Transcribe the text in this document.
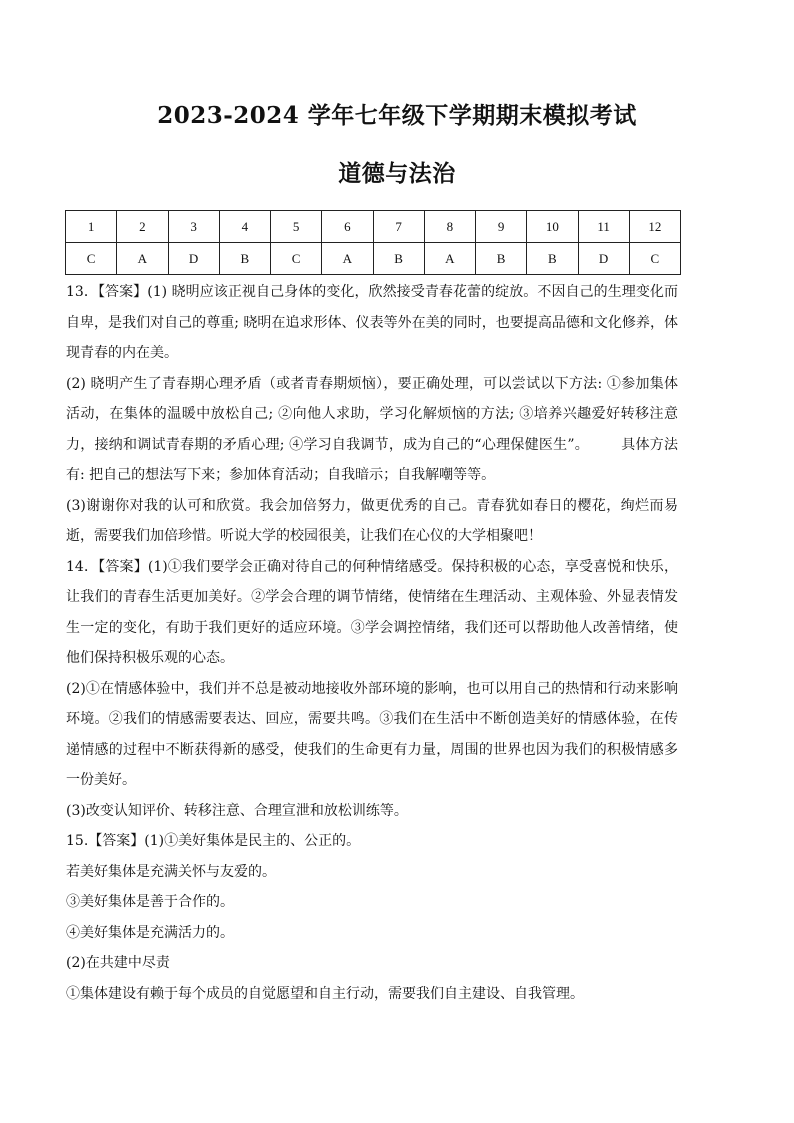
2023-2024 学年七年级下学期期末模拟考试
道德与法治
1	2	3	4	5	6	7	8	9	10	11	12
C	A	D	B	C	A	B	A	B	B	D	C

13．【答案】(1) 晓明应该正视自己身体的变化，欣然接受青春花蕾的绽放。不因自己的生理变化而自卑，是我们对自己的尊重; 晓明在追求形体、仪表等外在美的同时，也要提高品德和文化修养，体现青春的内在美。

(2) 晓明产生了青春期心理矛盾（或者青春期烦恼），要正确处理，可以尝试以下方法: ①参加集体活动，在集体的温暖中放松自己; ②向他人求助，学习化解烦恼的方法; ③培养兴趣爱好转移注意力，接纳和调试青春期的矛盾心理; ④学习自我调节，成为自己的“心理保健医生”。 具体方法有: 把自己的想法写下来；参加体育活动；自我暗示；自我解嘲等等。

(3)谢谢你对我的认可和欣赏。我会加倍努力，做更优秀的自己。青春犹如春日的樱花，绚烂而易逝，需要我们加倍珍惜。听说大学的校园很美，让我们在心仪的大学相聚吧！

14．【答案】(1)①我们要学会正确对待自己的何种情绪感受。保持积极的心态，享受喜悦和快乐，让我们的青春生活更加美好。②学会合理的调节情绪，使情绪在生理活动、主观体验、外显表情发生一定的变化，有助于我们更好的适应环境。③学会调控情绪，我们还可以帮助他人改善情绪，使他们保持积极乐观的心态。

(2)①在情感体验中，我们并不总是被动地接收外部环境的影响，也可以用自己的热情和行动来影响环境。②我们的情感需要表达、回应，需要共鸣。③我们在生活中不断创造美好的情感体验，在传递情感的过程中不断获得新的感受，使我们的生命更有力量，周围的世界也因为我们的积极情感多一份美好。

(3)改变认知评价、转移注意、合理宣泄和放松训练等。

15.【答案】(1)①美好集体是民主的、公正的。

若美好集体是充满关怀与友爱的。

③美好集体是善于合作的。

④美好集体是充满活力的。

(2)在共建中尽责

①集体建设有赖于每个成员的自觉愿望和自主行动，需要我们自主建设、自我管理。
